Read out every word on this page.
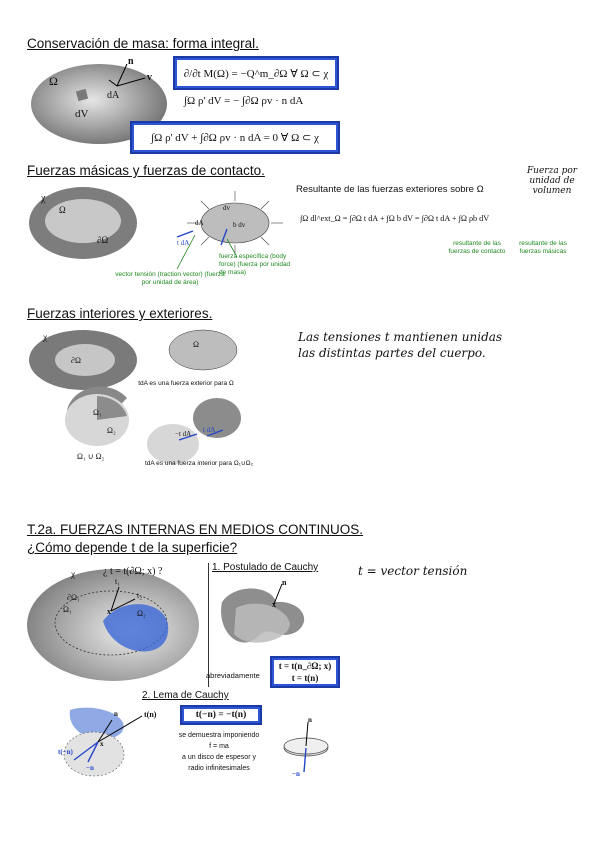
Conservación de masa: forma integral.
Ω
n
v
dA
dV
∂/∂t M(Ω) = −Q^m_∂Ω ∀ Ω ⊂ χ
∫Ω ρ' dV = − ∫∂Ω ρv · n dA
∫Ω ρ' dV + ∫∂Ω ρv · n dA = 0 ∀ Ω ⊂ χ
Fuerzas másicas y fuerzas de contacto.
χ
Ω
∂Ω
dv
b dv
dA
t dA
fuerza específica (body force) (fuerza por unidad de masa)
vector tensión (traction vector) (fuerza por unidad de área)
Resultante de las fuerzas exteriores sobre Ω
Fuerza por unidad de volumen
∫Ω dl^ext_Ω = ∫∂Ω t dA + ∫Ω b dV = ∫∂Ω t dA + ∫Ω ρb dV
resultante de las fuerzas de contacto
resultante de las fuerzas másicas
Fuerzas interiores y exteriores.
χ
∂Ω
Ω
Ω₁
Ω₂
Ω₁ ∪ Ω₂
−t dA t dA
tdA es una fuerza exterior para Ω
tdA es una fuerza interior para Ω₁∪Ω₂
Las tensiones t mantienen unidas
las distintas partes del cuerpo.
T.2a. FUERZAS INTERNAS EN MEDIOS CONTINUOS.
¿Cómo depende t de la superficie?
χ	¿ t = t(∂Ω; x) ?
∂Ω₁
Ω₁	Ω₂
t₁
t₂
x
1. Postulado de Cauchy
n
x
abreviadamente
t = t(n_∂Ω; x)
t = t(n)
t = vector tensión
2. Lema de Cauchy
t(−n) = −t(n)
se demuestra imponiendo
f = ma
a un disco de espesor y
radio infinitesimales
n	t(n)
x
t(−n)
−n
n
−n
